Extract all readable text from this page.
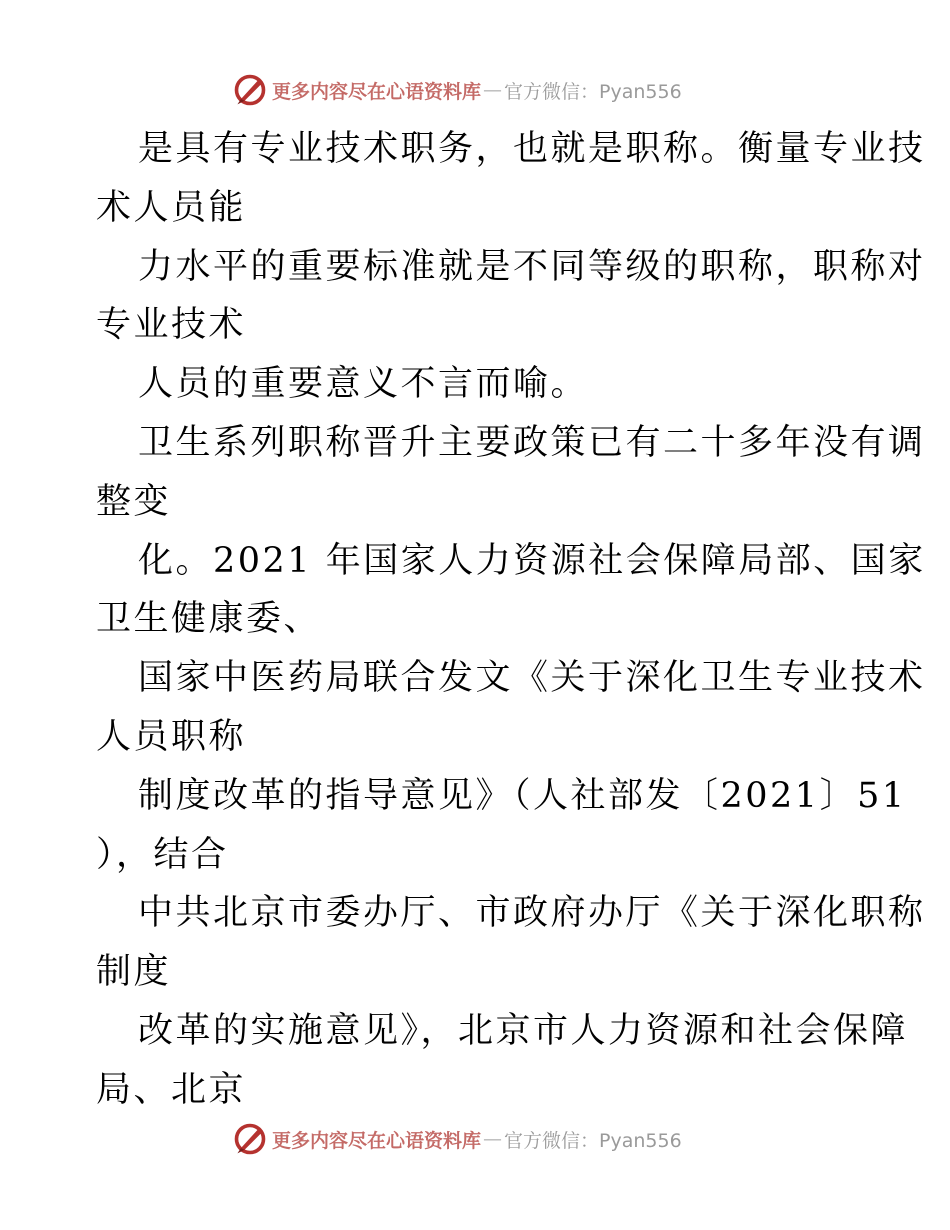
更多内容尽在心语资料库 — 官方微信：Pyan556
是具有专业技术职务，也就是职称。衡量专业技
术人员能
力水平的重要标准就是不同等级的职称，职称对
专业技术
人员的重要意义不言而喻。
卫生系列职称晋升主要政策已有二十多年没有调
整变
化。2021 年国家人力资源社会保障局部、国家
卫生健康委、
国家中医药局联合发文《关于深化卫生专业技术
人员职称
制度改革的指导意见》（人社部发〔2021〕51
），结合
中共北京市委办厅、市政府办厅《关于深化职称
制度
改革的实施意见》，北京市人力资源和社会保障
局、北京
更多内容尽在心语资料库 — 官方微信：Pyan556
